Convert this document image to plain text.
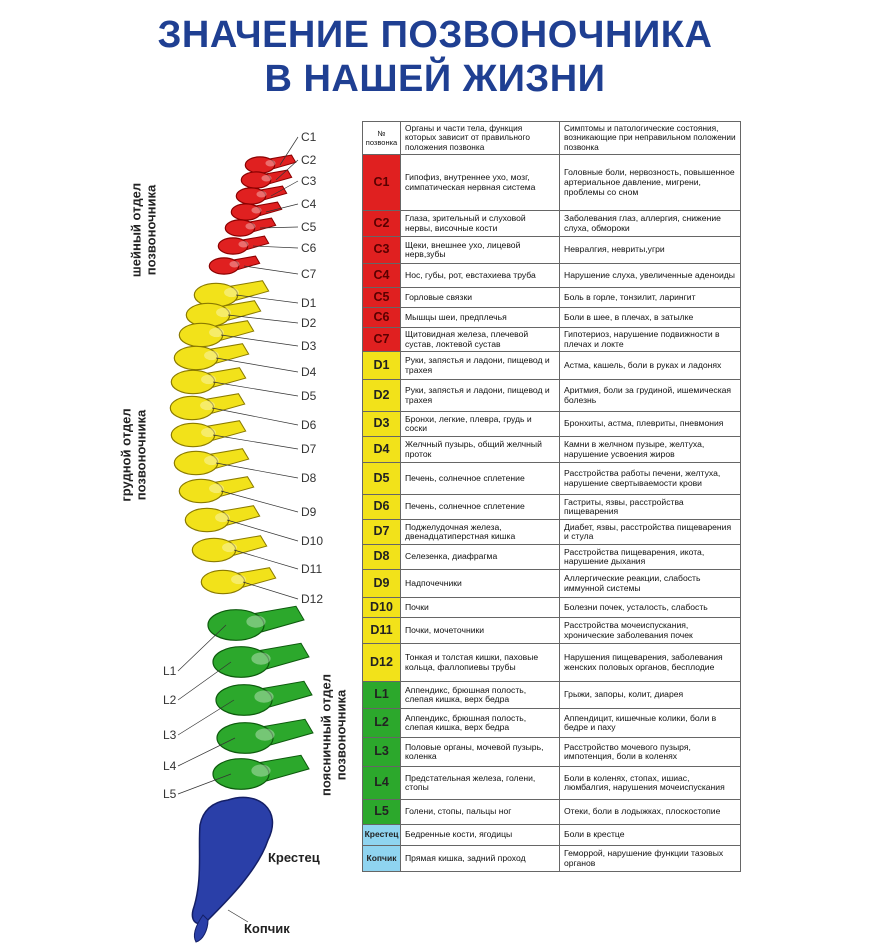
ЗНАЧЕНИЕ ПОЗВОНОЧНИКА
В НАШЕЙ ЖИЗНИ
C1
C2
C3
C4
C5
C6
C7
D1
D2
D3
D4
D5
D6
D7
D8
D9
D10
D11
D12
L1
L2
L3
L4
L5
шейный отделпозвоночника
грудной отделпозвоночника
поясничный отделпозвоночника
Крестец
Копчик
№ позвонка	Органы и части тела, функция которых зависит от правильного положения позвонка	Симптомы и патологические состояния, возникающие при неправильном положении позвонка
C1	Гипофиз, внутреннее ухо, мозг, симпатическая нервная система	Головные боли, нервозность, повышенное артериальное давление, мигрени, проблемы со сном
C2	Глаза, зрительный и слуховой нервы, височные кости	Заболевания глаз, аллергия, снижение слуха, обмороки
C3	Щеки, внешнее ухо, лицевой нерв,зубы	Невралгия, невриты,угри
C4	Нос, губы, рот, евстахиева труба	Нарушение слуха, увеличенные аденоиды
C5	Горловые связки	Боль в горле, тонзилит, ларингит
C6	Мышцы шеи, предплечья	Боли в шее, в плечах, в затылке
C7	Щитовидная железа, плечевой сустав, локтевой сустав	Гипотериоз, нарушение подвижности в плечах и локте
D1	Руки, запястья и ладони, пищевод и трахея	Астма, кашель, боли в руках и ладонях
D2	Руки, запястья и ладони, пищевод и трахея	Аритмия, боли за грудиной, ишемическая болезнь
D3	Бронхи, легкие, плевра, грудь и соски	Бронхиты, астма, плевриты, пневмония
D4	Желчный пузырь, общий желчный проток	Камни в желчном пузыре, желтуха, нарушение усвоения жиров
D5	Печень, солнечное сплетение	Расстройства работы печени, желтуха, нарушение свертываемости крови
D6	Печень, солнечное сплетение	Гастриты, язвы, расстройства пищеварения
D7	Поджелудочная железа, двенадцатиперстная кишка	Диабет, язвы, расстройства пищеварения и стула
D8	Селезенка, диафрагма	Расстройства пищеварения, икота, нарушение дыхания
D9	Надпочечники	Аллергические реакции, слабость иммунной системы
D10	Почки	Болезни почек, усталость, слабость
D11	Почки, мочеточники	Расстройства мочеиспускания, хронические заболевания почек
D12	Тонкая и толстая кишки, паховые кольца, фаллопиевы трубы	Нарушения пищеварения, заболевания женских половых органов, бесплодие
L1	Аппендикс, брюшная полость, слепая кишка, верх бедра	Грыжи, запоры, колит, диарея
L2	Аппендикс, брюшная полость, слепая кишка, верх бедра	Аппендицит, кишечные колики, боли в бедре и паху
L3	Половые органы, мочевой пузырь, коленка	Расстройство мочевого пузыря, импотенция, боли в коленях
L4	Предстательная железа, голени, стопы	Боли в коленях, стопах, ишиас, люмбалгия, нарушения мочеиспускания
L5	Голени, стопы, пальцы ног	Отеки, боли в лодыжках, плоскостопие
Крестец	Бедренные кости, ягодицы	Боли в крестце
Копчик	Прямая кишка, задний проход	Геморрой, нарушение функции тазовых органов
